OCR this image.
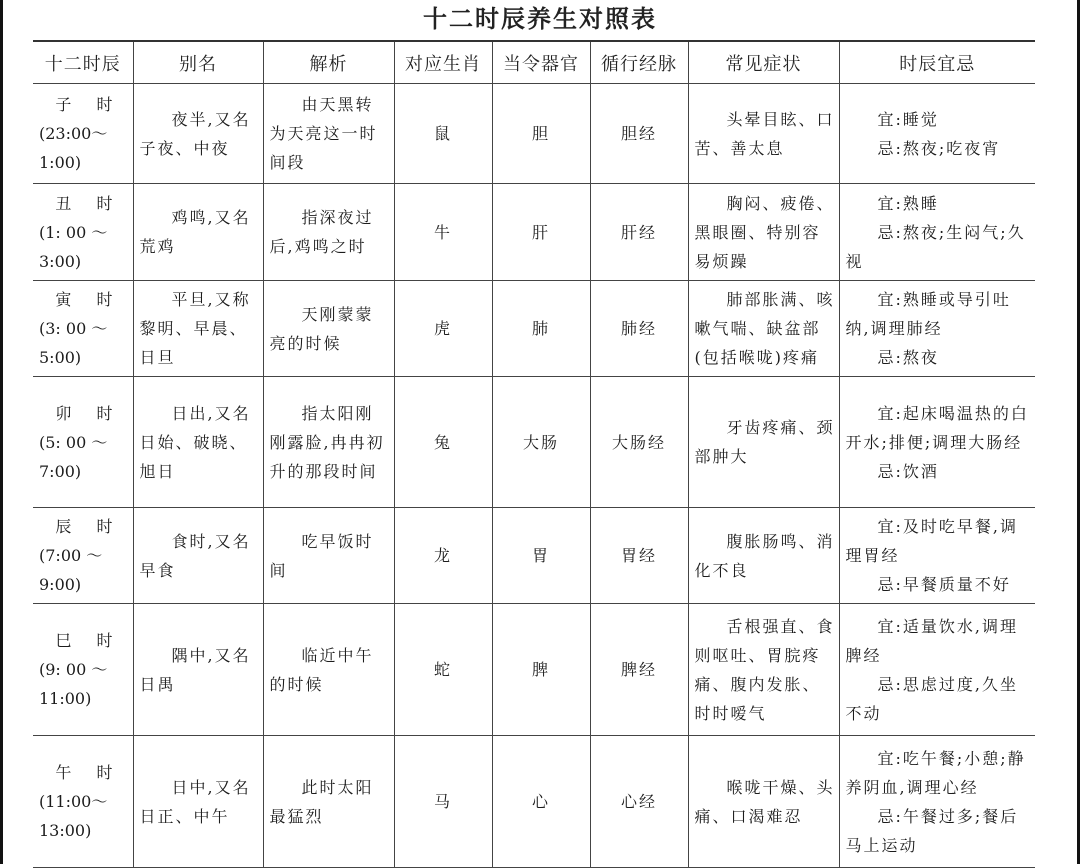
十二时辰养生对照表
十二时辰	别名	解析	对应生肖	当令器官	循行经脉	常见症状	时辰宜忌

子 时
(23:00～
1:00)	夜半,又名子夜、中夜	由天黑转为天亮这一时间段	鼠	胆	胆经	头晕目眩、口苦、善太息	宜:睡觉
忌:熬夜;吃夜宵

丑 时
(1: 00 ～
3:00)	鸡鸣,又名荒鸡	指深夜过后,鸡鸣之时	牛	肝	肝经	胸闷、疲倦、黑眼圈、特别容易烦躁	宜:熟睡
忌:熬夜;生闷气;久视

寅 时
(3: 00 ～
5:00)	平旦,又称黎明、早晨、日旦	天刚蒙蒙亮的时候	虎	肺	肺经	肺部胀满、咳嗽气喘、缺盆部(包括喉咙)疼痛	宜:熟睡或导引吐纳,调理肺经
忌:熬夜

卯 时
(5: 00 ～
7:00)	日出,又名日始、破晓、旭日	指太阳刚刚露脸,冉冉初升的那段时间	兔	大肠	大肠经	牙齿疼痛、颈部肿大	宜:起床喝温热的白开水;排便;调理大肠经
忌:饮酒

辰 时
(7:00 ～
9:00)	食时,又名早食	吃早饭时间	龙	胃	胃经	腹胀肠鸣、消化不良	宜:及时吃早餐,调理胃经
忌:早餐质量不好

巳 时
(9: 00 ～
11:00)	隅中,又名日禺	临近中午的时候	蛇	脾	脾经	舌根强直、食则呕吐、胃脘疼痛、腹内发胀、时时嗳气	宜:适量饮水,调理脾经
忌:思虑过度,久坐不动

午 时
(11:00～
13:00)	日中,又名日正、中午	此时太阳最猛烈	马	心	心经	喉咙干燥、头痛、口渴难忍	宜:吃午餐;小憩;静养阴血,调理心经
忌:午餐过多;餐后马上运动
